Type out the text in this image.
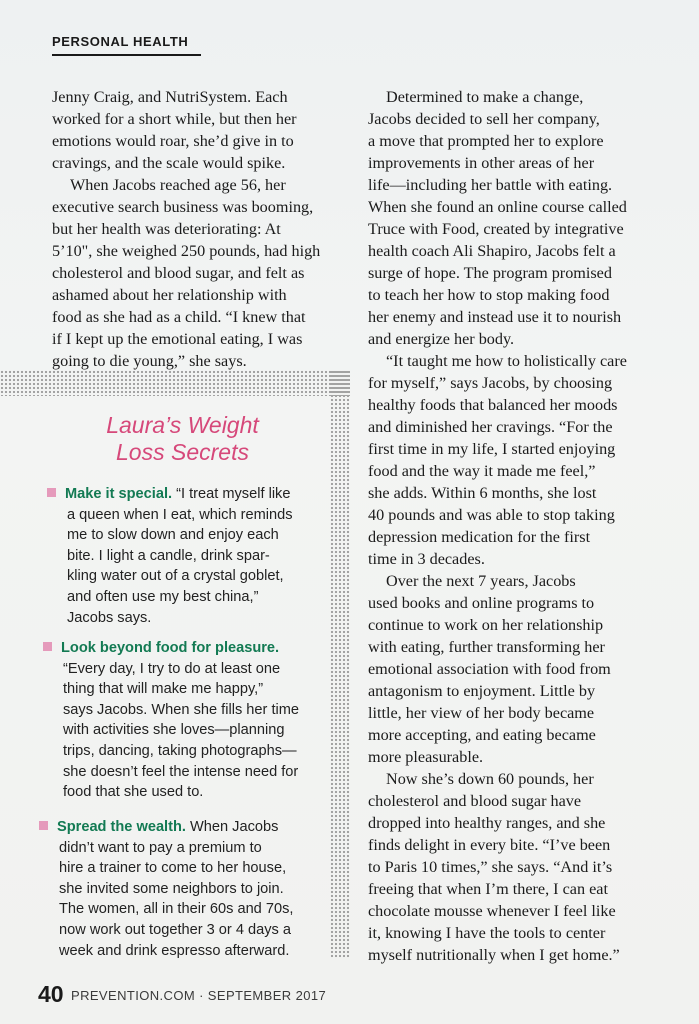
PERSONAL HEALTH

Jenny Craig, and NutriSystem. Each

worked for a short while, but then her

emotions would roar, she’d give in to

cravings, and the scale would spike.

When Jacobs reached age 56, her

executive search business was booming,

but her health was deteriorating: At

5’10", she weighed 250 pounds, had high

cholesterol and blood sugar, and felt as

ashamed about her relationship with

food as she had as a child. “I knew that

if I kept up the emotional eating, I was

going to die young,” she says.

Determined to make a change,

Jacobs decided to sell her company,

a move that prompted her to explore

improvements in other areas of her

life—including her battle with eating.

When she found an online course called

Truce with Food, created by integrative

health coach Ali Shapiro, Jacobs felt a

surge of hope. The program promised

to teach her how to stop making food

her enemy and instead use it to nourish

and energize her body.

“It taught me how to holistically care

for myself,” says Jacobs, by choosing

healthy foods that balanced her moods

and diminished her cravings. “For the

first time in my life, I started enjoying

food and the way it made me feel,”

she adds. Within 6 months, she lost

40 pounds and was able to stop taking

depression medication for the first

time in 3 decades.

Over the next 7 years, Jacobs

used books and online programs to

continue to work on her relationship

with eating, further transforming her

emotional association with food from

antagonism to enjoyment. Little by

little, her view of her body became

more accepting, and eating became

more pleasurable.

Now she’s down 60 pounds, her

cholesterol and blood sugar have

dropped into healthy ranges, and she

finds delight in every bite. “I’ve been

to Paris 10 times,” she says. “And it’s

freeing that when I’m there, I can eat

chocolate mousse whenever I feel like

it, knowing I have the tools to center

myself nutritionally when I get home.”

Laura’s Weight
Loss Secrets
Make it special. “I treat myself like
a queen when I eat, which reminds
me to slow down and enjoy each
bite. I light a candle, drink spar-
kling water out of a crystal goblet,
and often use my best china,”
Jacobs says.
Look beyond food for pleasure.
“Every day, I try to do at least one
thing that will make me happy,”
says Jacobs. When she fills her time
with activities she loves—planning
trips, dancing, taking photographs—
she doesn’t feel the intense need for
food that she used to.
Spread the wealth. When Jacobs
didn’t want to pay a premium to
hire a trainer to come to her house,
she invited some neighbors to join.
The women, all in their 60s and 70s,
now work out together 3 or 4 days a
week and drink espresso afterward.
40 PREVENTION.COM · SEPTEMBER 2017
